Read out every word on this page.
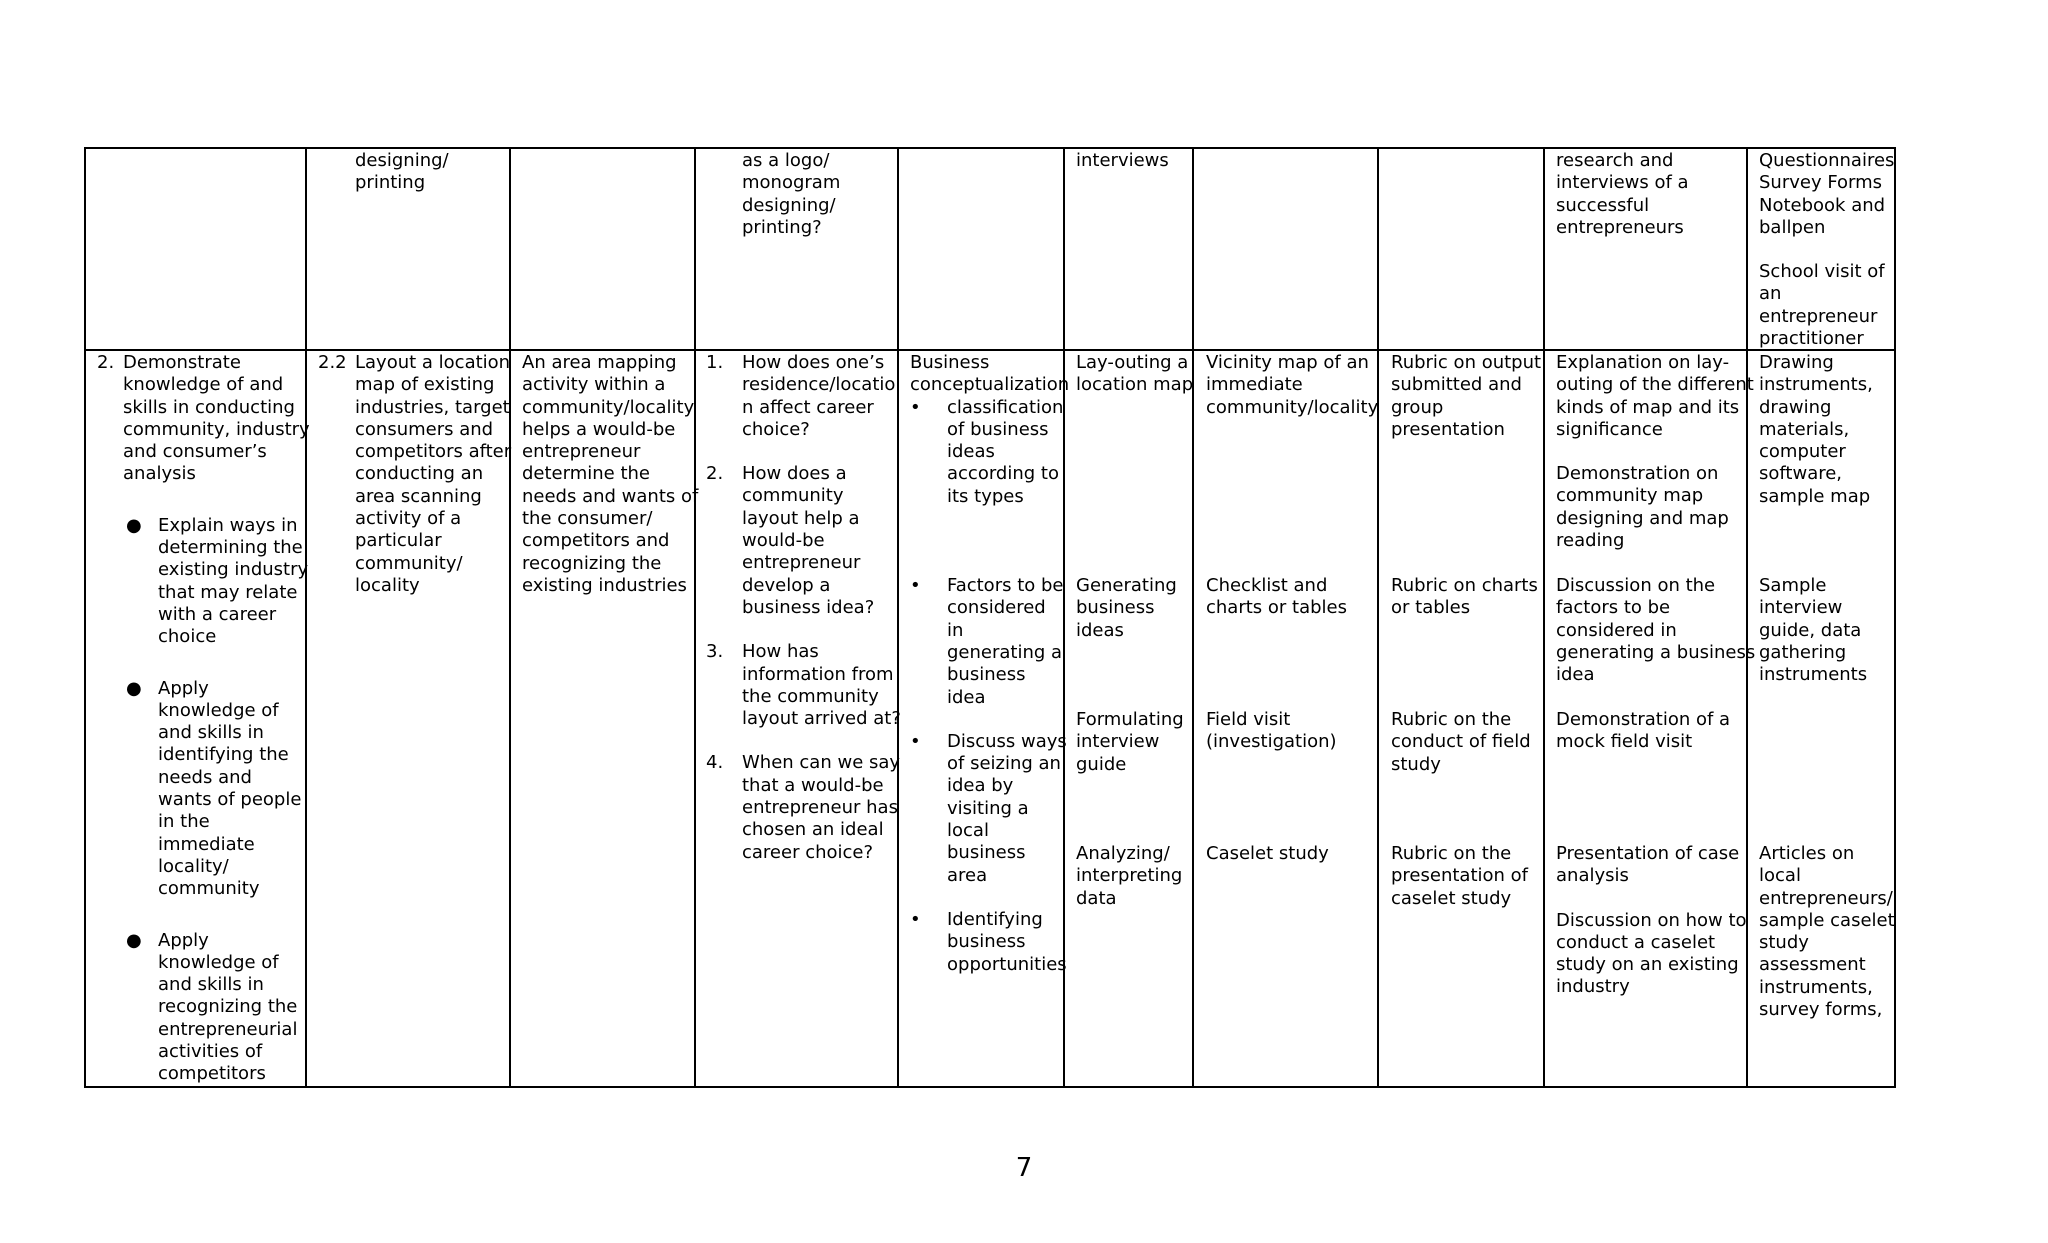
designing/
printing
as a logo/
monogram
designing/
printing?
interviews	research and
interviews of a
successful
entrepreneurs
Questionnaires
Survey Forms
Notebook and
ballpen
School visit of
an
entrepreneur
practitioner
2. Demonstrate
knowledge of and
skills in conducting
community, industry
and consumer’s
analysis
● Explain ways in
determining the
existing industry
that may relate
with a career
choice
● Apply
knowledge of
and skills in
identifying the
needs and
wants of people
in the
immediate
locality/
community
● Apply
knowledge of
and skills in
recognizing the
entrepreneurial
activities of
competitors
2.2 Layout a location
map of existing
industries, target
consumers and
competitors after
conducting an
area scanning
activity of a
particular
community/
locality
An area mapping
activity within a
community/locality
helps a would-be
entrepreneur
determine the
needs and wants of
the consumer/
competitors and
recognizing the
existing industries
1. How does one’s
residence/locatio
n affect career
choice?
2. How does a
community
layout help a
would-be
entrepreneur
develop a
business idea?
3. How has
information from
the community
layout arrived at?
4. When can we say
that a would-be
entrepreneur has
chosen an ideal
career choice?
Business
conceptualization
• classification
of business
ideas
according to
its types
• Factors to be
considered
in
generating a
business
idea
• Discuss ways
of seizing an
idea by
visiting a
local
business
area
• Identifying
business
opportunities
Lay-outing a
location map
Generating
business
ideas
Formulating
interview
guide
Analyzing/
interpreting
data
Vicinity map of an
immediate
community/locality
Checklist and
charts or tables
Field visit
(investigation)
Caselet study
Rubric on output
submitted and
group
presentation
Rubric on charts
or tables
Rubric on the
conduct of field
study
Rubric on the
presentation of
caselet study
Explanation on lay-
outing of the different
kinds of map and its
significance
Demonstration on
community map
designing and map
reading
Discussion on the
factors to be
considered in
generating a business
idea
Demonstration of a
mock field visit
Presentation of case
analysis
Discussion on how to
conduct a caselet
study on an existing
industry
Drawing
instruments,
drawing
materials,
computer
software,
sample map
Sample
interview
guide, data
gathering
instruments
Articles on
local
entrepreneurs/
sample caselet
study
assessment
instruments,
survey forms,
7
